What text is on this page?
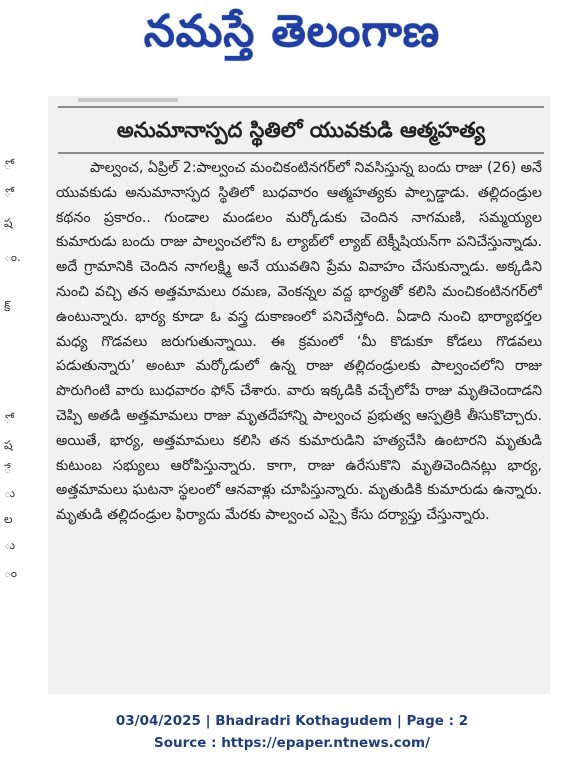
నమస్తే తెలంగాణ
ో
ో
ష
ం.
క్
ో
ష
ే
ు
ల
ు
ం
అనుమానాస్పద స్థితిలో యువకుడి ఆత్మహత్య
పాల్వంచ, ఏప్రిల్ 2:పాల్వంచ మంచికంటినగర్‌లో నివసిస్తున్న బందు రాజు (26) అనే యువకుడు అనుమానాస్పద స్థితిలో బుధవారం ఆత్మహత్యకు పాల్పడ్డాడు. తల్లిదండ్రుల కథనం ప్రకారం.. గుండాల మండలం మర్కోడుకు చెందిన నాగమణి, సమ్మయ్యల కుమారుడు బందు రాజు పాల్వంచలోని ఓ ల్యాబ్‌లో ల్యాబ్ టెక్నీషియన్‌గా పనిచేస్తున్నాడు. అదే గ్రామానికి చెందిన నాగలక్ష్మి అనే యువతిని ప్రేమ వివాహం చేసుకున్నాడు. అక్కడిని నుంచి వచ్చి తన అత్తమామలు రమణ, వెంకన్నల వద్ద భార్యతో కలిసి మంచికంటినగర్‌లో ఉంటున్నారు. భార్య కూడా ఓ వస్త్ర దుకాణంలో పనిచేస్తోంది. ఏడాది నుంచి భార్యాభర్తల మధ్య గొడవలు జరుగుతున్నాయి. ఈ క్రమంలో ‘మీ కొడుకూ కోడలు గొడవలు పడుతున్నారు’ అంటూ మర్కోడులో ఉన్న రాజు తల్లిదండ్రులకు పాల్వంచలోని రాజు పొరుగింటి వారు బుధవారం ఫోన్ చేశారు. వారు ఇక్కడికి వచ్చేలోపే రాజు మృతిచెందాడని చెప్పి అతడి అత్తమామలు రాజు మృతదేహాన్ని పాల్వంచ ప్రభుత్వ ఆస్పత్రికి తీసుకొచ్చారు. అయితే, భార్య, అత్తమామలు కలిసి తన కుమారుడిని హత్యచేసి ఉంటారని మృతుడి కుటుంబ సభ్యులు ఆరోపిస్తున్నారు. కాగా, రాజు ఉరేసుకొని మృతిచెందినట్లు భార్య, అత్తమామలు ఘటనా స్థలంలో ఆనవాళ్లు చూపిస్తున్నారు. మృతుడికి కుమారుడు ఉన్నారు. మృతుడి తల్లిదండ్రుల ఫిర్యాదు మేరకు పాల్వంచ ఎస్సై కేసు దర్యాప్తు చేస్తున్నారు.
03/04/2025 | Bhadradri Kothagudem | Page : 2
Source : https://epaper.ntnews.com/
